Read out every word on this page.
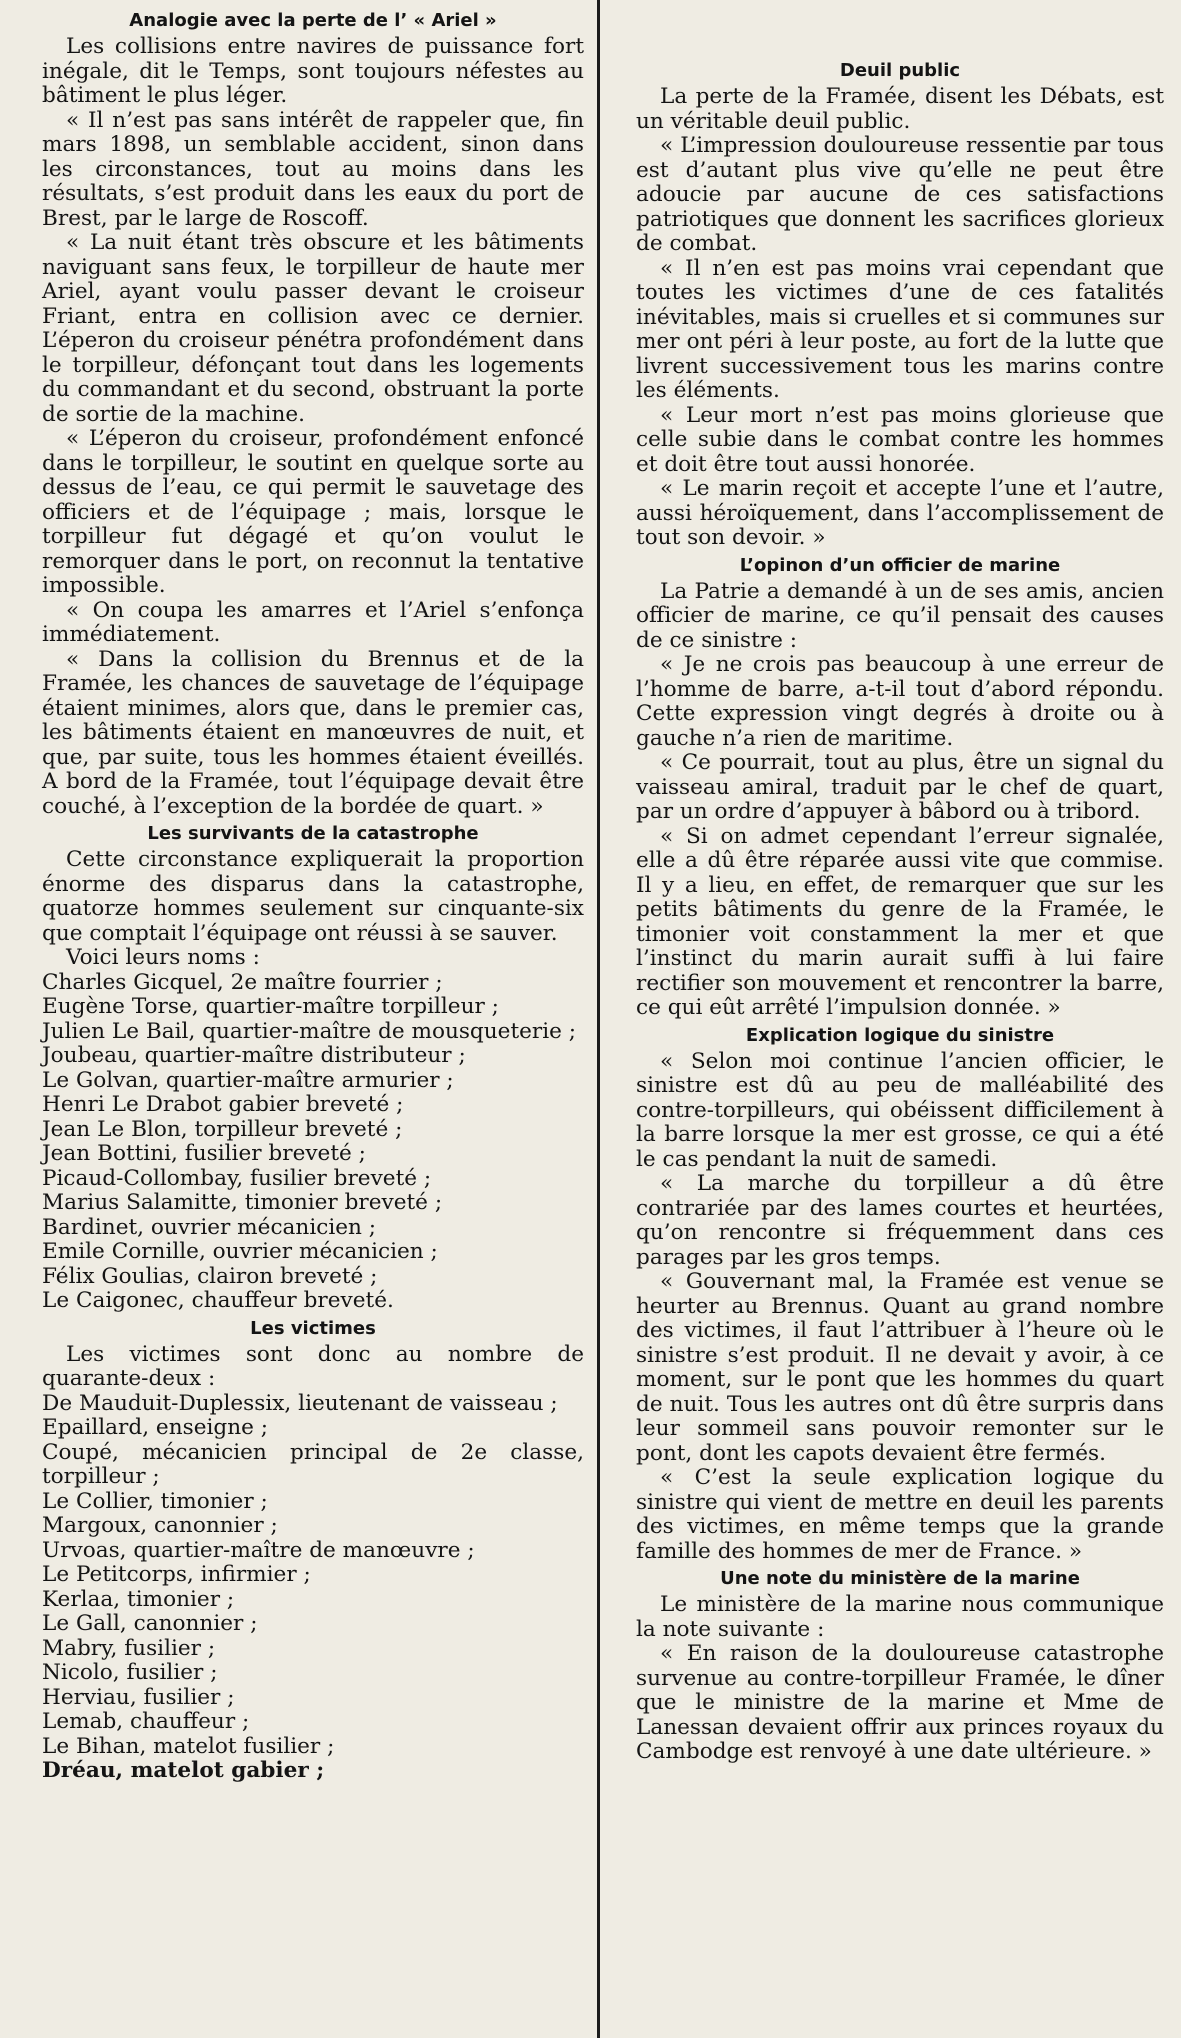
Analogie avec la perte de l’ « Ariel »

Les collisions entre navires de puissance fort inégale, dit le Temps, sont toujours néfestes au bâtiment le plus léger.

« Il n’est pas sans intérêt de rappeler que, fin mars 1898, un semblable accident, sinon dans les circonstances, tout au moins dans les résultats, s’est produit dans les eaux du port de Brest, par le large de Roscoff.

« La nuit étant très obscure et les bâtiments naviguant sans feux, le torpilleur de haute mer Ariel, ayant voulu passer devant le croiseur Friant, entra en collision avec ce dernier. L’éperon du croiseur pénétra profondément dans le torpilleur, défonçant tout dans les logements du commandant et du second, obstruant la porte de sortie de la machine.

« L’éperon du croiseur, profondément enfoncé dans le torpilleur, le soutint en quelque sorte au dessus de l’eau, ce qui permit le sauvetage des officiers et de l’équipage ; mais, lorsque le torpilleur fut dégagé et qu’on voulut le remorquer dans le port, on reconnut la tentative impossible.

« On coupa les amarres et l’Ariel s’enfonça immédiatement.

« Dans la collision du Brennus et de la Framée, les chances de sauvetage de l’équipage étaient minimes, alors que, dans le premier cas, les bâtiments étaient en manœuvres de nuit, et que, par suite, tous les hommes étaient éveillés. A bord de la Framée, tout l’équipage devait être couché, à l’exception de la bordée de quart. »

Les survivants de la catastrophe

Cette circonstance expliquerait la proportion énorme des disparus dans la catastrophe, quatorze hommes seulement sur cinquante-six que comptait l’équipage ont réussi à se sauver.

Voici leurs noms :

Charles Gicquel, 2e maître fourrier ;

Eugène Torse, quartier-maître torpilleur ;

Julien Le Bail, quartier-maître de mousqueterie ;

Joubeau, quartier-maître distributeur ;

Le Golvan, quartier-maître armurier ;

Henri Le Drabot gabier breveté ;

Jean Le Blon, torpilleur breveté ;

Jean Bottini, fusilier breveté ;

Picaud-Collombay, fusilier breveté ;

Marius Salamitte, timonier breveté ;

Bardinet, ouvrier mécanicien ;

Emile Cornille, ouvrier mécanicien ;

Félix Goulias, clairon breveté ;

Le Caigonec, chauffeur breveté.

Les victimes

Les victimes sont donc au nombre de quarante-deux :

De Mauduit-Duplessix, lieutenant de vaisseau ;

Epaillard, enseigne ;

Coupé, mécanicien principal de 2e classe, torpilleur ;

Le Collier, timonier ;

Margoux, canonnier ;

Urvoas, quartier-maître de manœuvre ;

Le Petitcorps, infirmier ;

Kerlaa, timonier ;

Le Gall, canonnier ;

Mabry, fusilier ;

Nicolo, fusilier ;

Herviau, fusilier ;

Lemab, chauffeur ;

Le Bihan, matelot fusilier ;

Dréau, matelot gabier ;

Deuil public

La perte de la Framée, disent les Débats, est un véritable deuil public.

« L’impression douloureuse ressentie par tous est d’autant plus vive qu’elle ne peut être adoucie par aucune de ces satisfactions patriotiques que donnent les sacrifices glorieux de combat.

« Il n’en est pas moins vrai cependant que toutes les victimes d’une de ces fatalités inévitables, mais si cruelles et si communes sur mer ont péri à leur poste, au fort de la lutte que livrent successivement tous les marins contre les éléments.

« Leur mort n’est pas moins glorieuse que celle subie dans le combat contre les hommes et doit être tout aussi honorée.

« Le marin reçoit et accepte l’une et l’autre, aussi héroïquement, dans l’accomplissement de tout son devoir. »

L’opinon d’un officier de marine

La Patrie a demandé à un de ses amis, ancien officier de marine, ce qu’il pensait des causes de ce sinistre :

« Je ne crois pas beaucoup à une erreur de l’homme de barre, a-t-il tout d’abord répondu. Cette expression vingt degrés à droite ou à gauche n’a rien de maritime.

« Ce pourrait, tout au plus, être un signal du vaisseau amiral, traduit par le chef de quart, par un ordre d’appuyer à bâbord ou à tribord.

« Si on admet cependant l’erreur signalée, elle a dû être réparée aussi vite que commise. Il y a lieu, en effet, de remarquer que sur les petits bâtiments du genre de la Framée, le timonier voit constamment la mer et que l’instinct du marin aurait suffi à lui faire rectifier son mouvement et rencontrer la barre, ce qui eût arrêté l’impulsion donnée. »

Explication logique du sinistre

« Selon moi continue l’ancien officier, le sinistre est dû au peu de malléabilité des contre-torpilleurs, qui obéissent difficilement à la barre lorsque la mer est grosse, ce qui a été le cas pendant la nuit de samedi.

« La marche du torpilleur a dû être contrariée par des lames courtes et heurtées, qu’on rencontre si fréquemment dans ces parages par les gros temps.

« Gouvernant mal, la Framée est venue se heurter au Brennus. Quant au grand nombre des victimes, il faut l’attribuer à l’heure où le sinistre s’est produit. Il ne devait y avoir, à ce moment, sur le pont que les hommes du quart de nuit. Tous les autres ont dû être surpris dans leur sommeil sans pouvoir remonter sur le pont, dont les capots devaient être fermés.

« C’est la seule explication logique du sinistre qui vient de mettre en deuil les parents des victimes, en même temps que la grande famille des hommes de mer de France. »

Une note du ministère de la marine

Le ministère de la marine nous communique la note suivante :

« En raison de la douloureuse catastrophe survenue au contre-torpilleur Framée, le dîner que le ministre de la marine et Mme de Lanessan devaient offrir aux princes royaux du Cambodge est renvoyé à une date ultérieure. »
